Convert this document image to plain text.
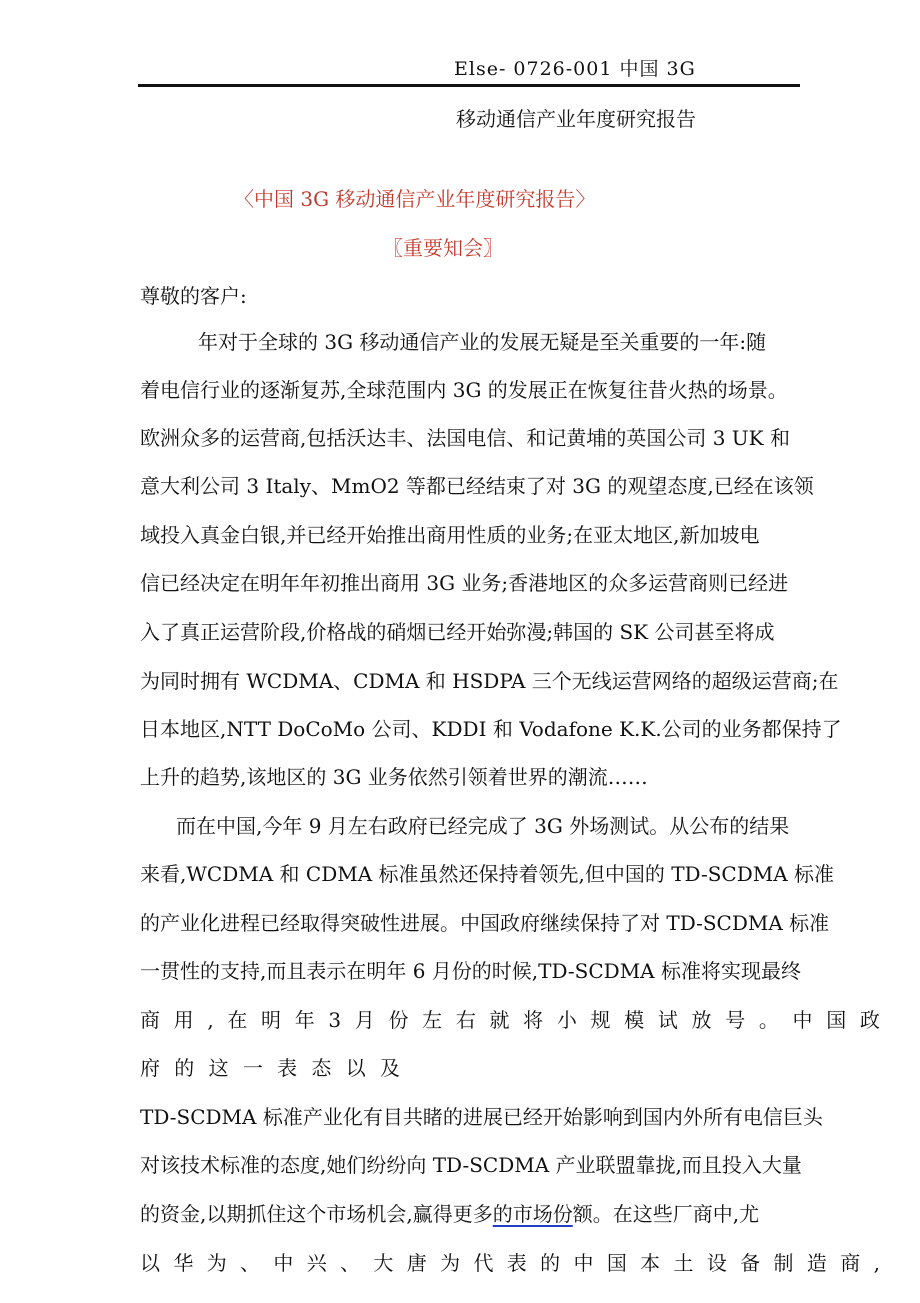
Else- 0726-001 中国 3G
移动通信产业年度研究报告
〈中国 3G 移动通信产业年度研究报告〉
〖重要知会〗
尊敬的客户:
年对于全球的 3G 移动通信产业的发展无疑是至关重要的一年:随
着电信行业的逐渐复苏,全球范围内 3G 的发展正在恢复往昔火热的场景。
欧洲众多的运营商,包括沃达丰、法国电信、和记黄埔的英国公司 3 UK 和
意大利公司 3 Italy、MmO2 等都已经结束了对 3G 的观望态度,已经在该领
域投入真金白银,并已经开始推出商用性质的业务;在亚太地区,新加坡电
信已经决定在明年年初推出商用 3G 业务;香港地区的众多运营商则已经进
入了真正运营阶段,价格战的硝烟已经开始弥漫;韩国的 SK 公司甚至将成
为同时拥有 WCDMA、CDMA 和 HSDPA 三个无线运营网络的超级运营商;在
日本地区,NTT DoCoMo 公司、KDDI 和 Vodafone K.K.公司的业务都保持了
上升的趋势,该地区的 3G 业务依然引领着世界的潮流……
而在中国,今年 9 月左右政府已经完成了 3G 外场测试。从公布的结果
来看,WCDMA 和 CDMA 标准虽然还保持着领先,但中国的 TD-SCDMA 标准
的产业化进程已经取得突破性进展。中国政府继续保持了对 TD-SCDMA 标准
一贯性的支持,而且表示在明年 6 月份的时候,TD-SCDMA 标准将实现最终
商 用 , 在 明 年 3 月 份 左 右 就 将 小 规 模 试 放 号 。 中 国 政
府 的 这 一 表 态 以 及
TD-SCDMA 标准产业化有目共睹的进展已经开始影响到国内外所有电信巨头
对该技术标准的态度,她们纷纷向 TD-SCDMA 产业联盟靠拢,而且投入大量
的资金,以期抓住这个市场机会,赢得更多的市场份额。在这些厂商中,尤
以 华 为 、 中 兴 、 大 唐 为 代 表 的 中 国 本 土 设 备 制 造 商 ,
